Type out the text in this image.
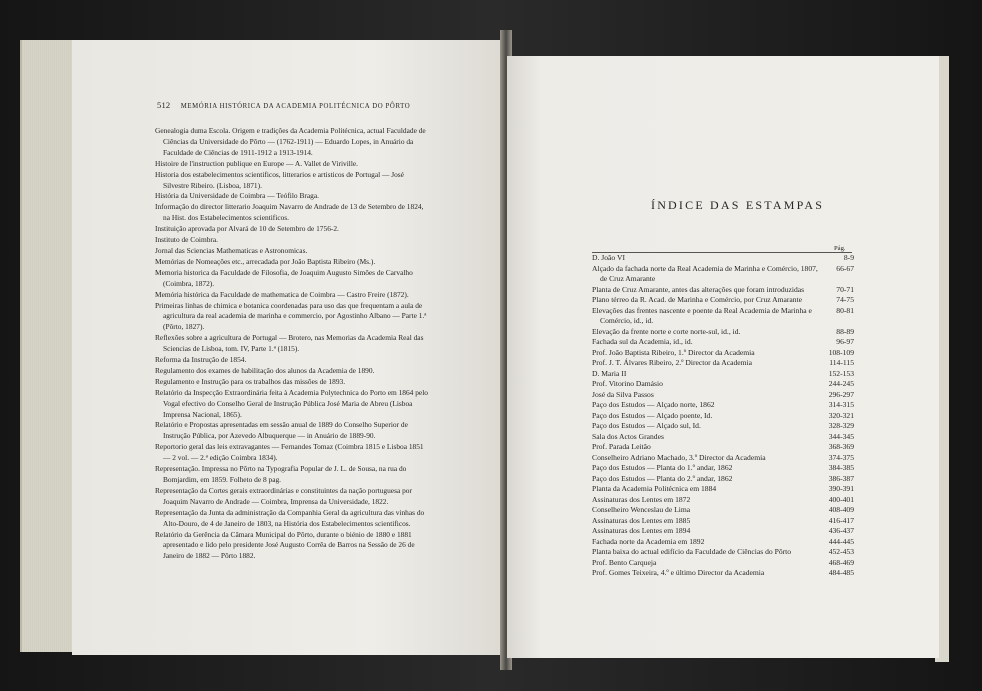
512 MEMÓRIA HISTÓRICA DA ACADEMIA POLITÉCNICA DO PÔRTO
Genealogia duma Escola. Origem e tradições da Academia Politécnica, actual Faculdade de Ciências da Universidade do Pôrto — (1762-1911) — Eduardo Lopes, in Anuário da Faculdade de Ciências de 1911-1912 a 1913-1914.
Histoire de l'instruction publique en Europe — A. Vallet de Viriville.
Historia dos estabelecimentos scientificos, litterarios e artisticos de Portugal — José Silvestre Ribeiro. (Lisboa, 1871).
História da Universidade de Coimbra — Teófilo Braga.
Informação do director litterario Joaquim Navarro de Andrade de 13 de Setembro de 1824, na Hist. dos Estabelecimentos scientificos.
Instituição aprovada por Alvará de 10 de Setembro de 1756-2.
Instituto de Coimbra.
Jornal das Sciencias Mathematicas e Astronomicas.
Memórias de Nomeações etc., arrecadada por João Baptista Ribeiro (Ms.).
Memoria historica da Faculdade de Filosofia, de Joaquim Augusto Simões de Carvalho (Coimbra, 1872).
Memória histórica da Faculdade de mathematica de Coimbra — Castro Freire (1872).
Primeiras linhas de chimica e botanica coordenadas para uso das que frequentam a aula de agricultura da real academia de marinha e commercio, por Agostinho Albano — Parte 1.ª (Pôrto, 1827).
Reflexões sobre a agricultura de Portugal — Brotero, nas Memorias da Academia Real das Sciencias de Lisboa, tom. IV, Parte 1.ª (1815).
Reforma da Instrução de 1854.
Regulamento dos exames de habilitação dos alunos da Academia de 1890.
Regulamento e Instrução para os trabalhos das missões de 1893.
Relatório da Inspecção Extraordinária feita à Academia Polytechnica do Porto em 1864 pelo Vogal efectivo do Conselho Geral de Instrução Pública José Maria de Abreu (Lisboa Imprensa Nacional, 1865).
Relatório e Propostas apresentadas em sessão anual de 1889 do Conselho Superior de Instrução Pública, por Azevedo Albuquerque — in Anuário de 1889-90.
Reportorio geral das leis extravagantes — Fernandes Tomaz (Coimbra 1815 e Lisboa 1851 — 2 vol. — 2.ª edição Coimbra 1834).
Representação. Impressa no Pôrto na Typografia Popular de J. L. de Sousa, na rua do Bomjardim, em 1859. Folheto de 8 pag.
Representação da Cortes gerais extraordinárias e constituintes da nação portuguesa por Joaquim Navarro de Andrade — Coimbra, Imprensa da Universidade, 1822.
Representação da Junta da administração da Companhia Geral da agricultura das vinhas do Alto-Douro, de 4 de Janeiro de 1803, na História dos Estabelecimentos scientificos.
Relatório da Gerência da Câmara Municipal do Pôrto, durante o biénio de 1880 e 1881 apresentado e lido pelo presidente José Augusto Corrêa de Barros na Sessão de 26 de Janeiro de 1882 — Pôrto 1882.
ÍNDICE DAS ESTAMPAS
Pág.
D. João VI	8-9
Alçado da fachada norte da Real Academia de Marinha e Comércio, 1807, de Cruz Amarante
66-67
Planta de Cruz Amarante, antes das alterações que foram introduzidas	70-71
Plano térreo da R. Acad. de Marinha e Comércio, por Cruz Amarante	74-75
Elevações das frentes nascente e poente da Real Academia de Marinha e Comércio, id., id.
80-81
Elevação da frente norte e corte norte-sul, id., id.	88-89
Fachada sul da Academia, id., id.	96-97
Prof. João Baptista Ribeiro, 1.º Director da Academia	108-109
Prof. J. T. Álvares Ribeiro, 2.º Director da Academia	114-115
D. Maria II	152-153
Prof. Vitorino Damásio	244-245
José da Silva Passos	296-297
Paço dos Estudos — Alçado norte, 1862	314-315
Paço dos Estudos — Alçado poente, Id.	320-321
Paço dos Estudos — Alçado sul, Id.	328-329
Sala dos Actos Grandes	344-345
Prof. Parada Leitão	368-369
Conselheiro Adriano Machado, 3.º Director da Academia	374-375
Paço dos Estudos — Planta do 1.º andar, 1862	384-385
Paço dos Estudos — Planta do 2.º andar, 1862	386-387
Planta da Academia Politécnica em 1884	390-391
Assinaturas dos Lentes em 1872	400-401
Conselheiro Wenceslau de Lima	408-409
Assinaturas dos Lentes em 1885	416-417
Assinaturas dos Lentes em 1894	436-437
Fachada norte da Academia em 1892	444-445
Planta baixa do actual edifício da Faculdade de Ciências do Pôrto	452-453
Prof. Bento Carqueja	468-469
Prof. Gomes Teixeira, 4.º e último Director da Academia	484-485
